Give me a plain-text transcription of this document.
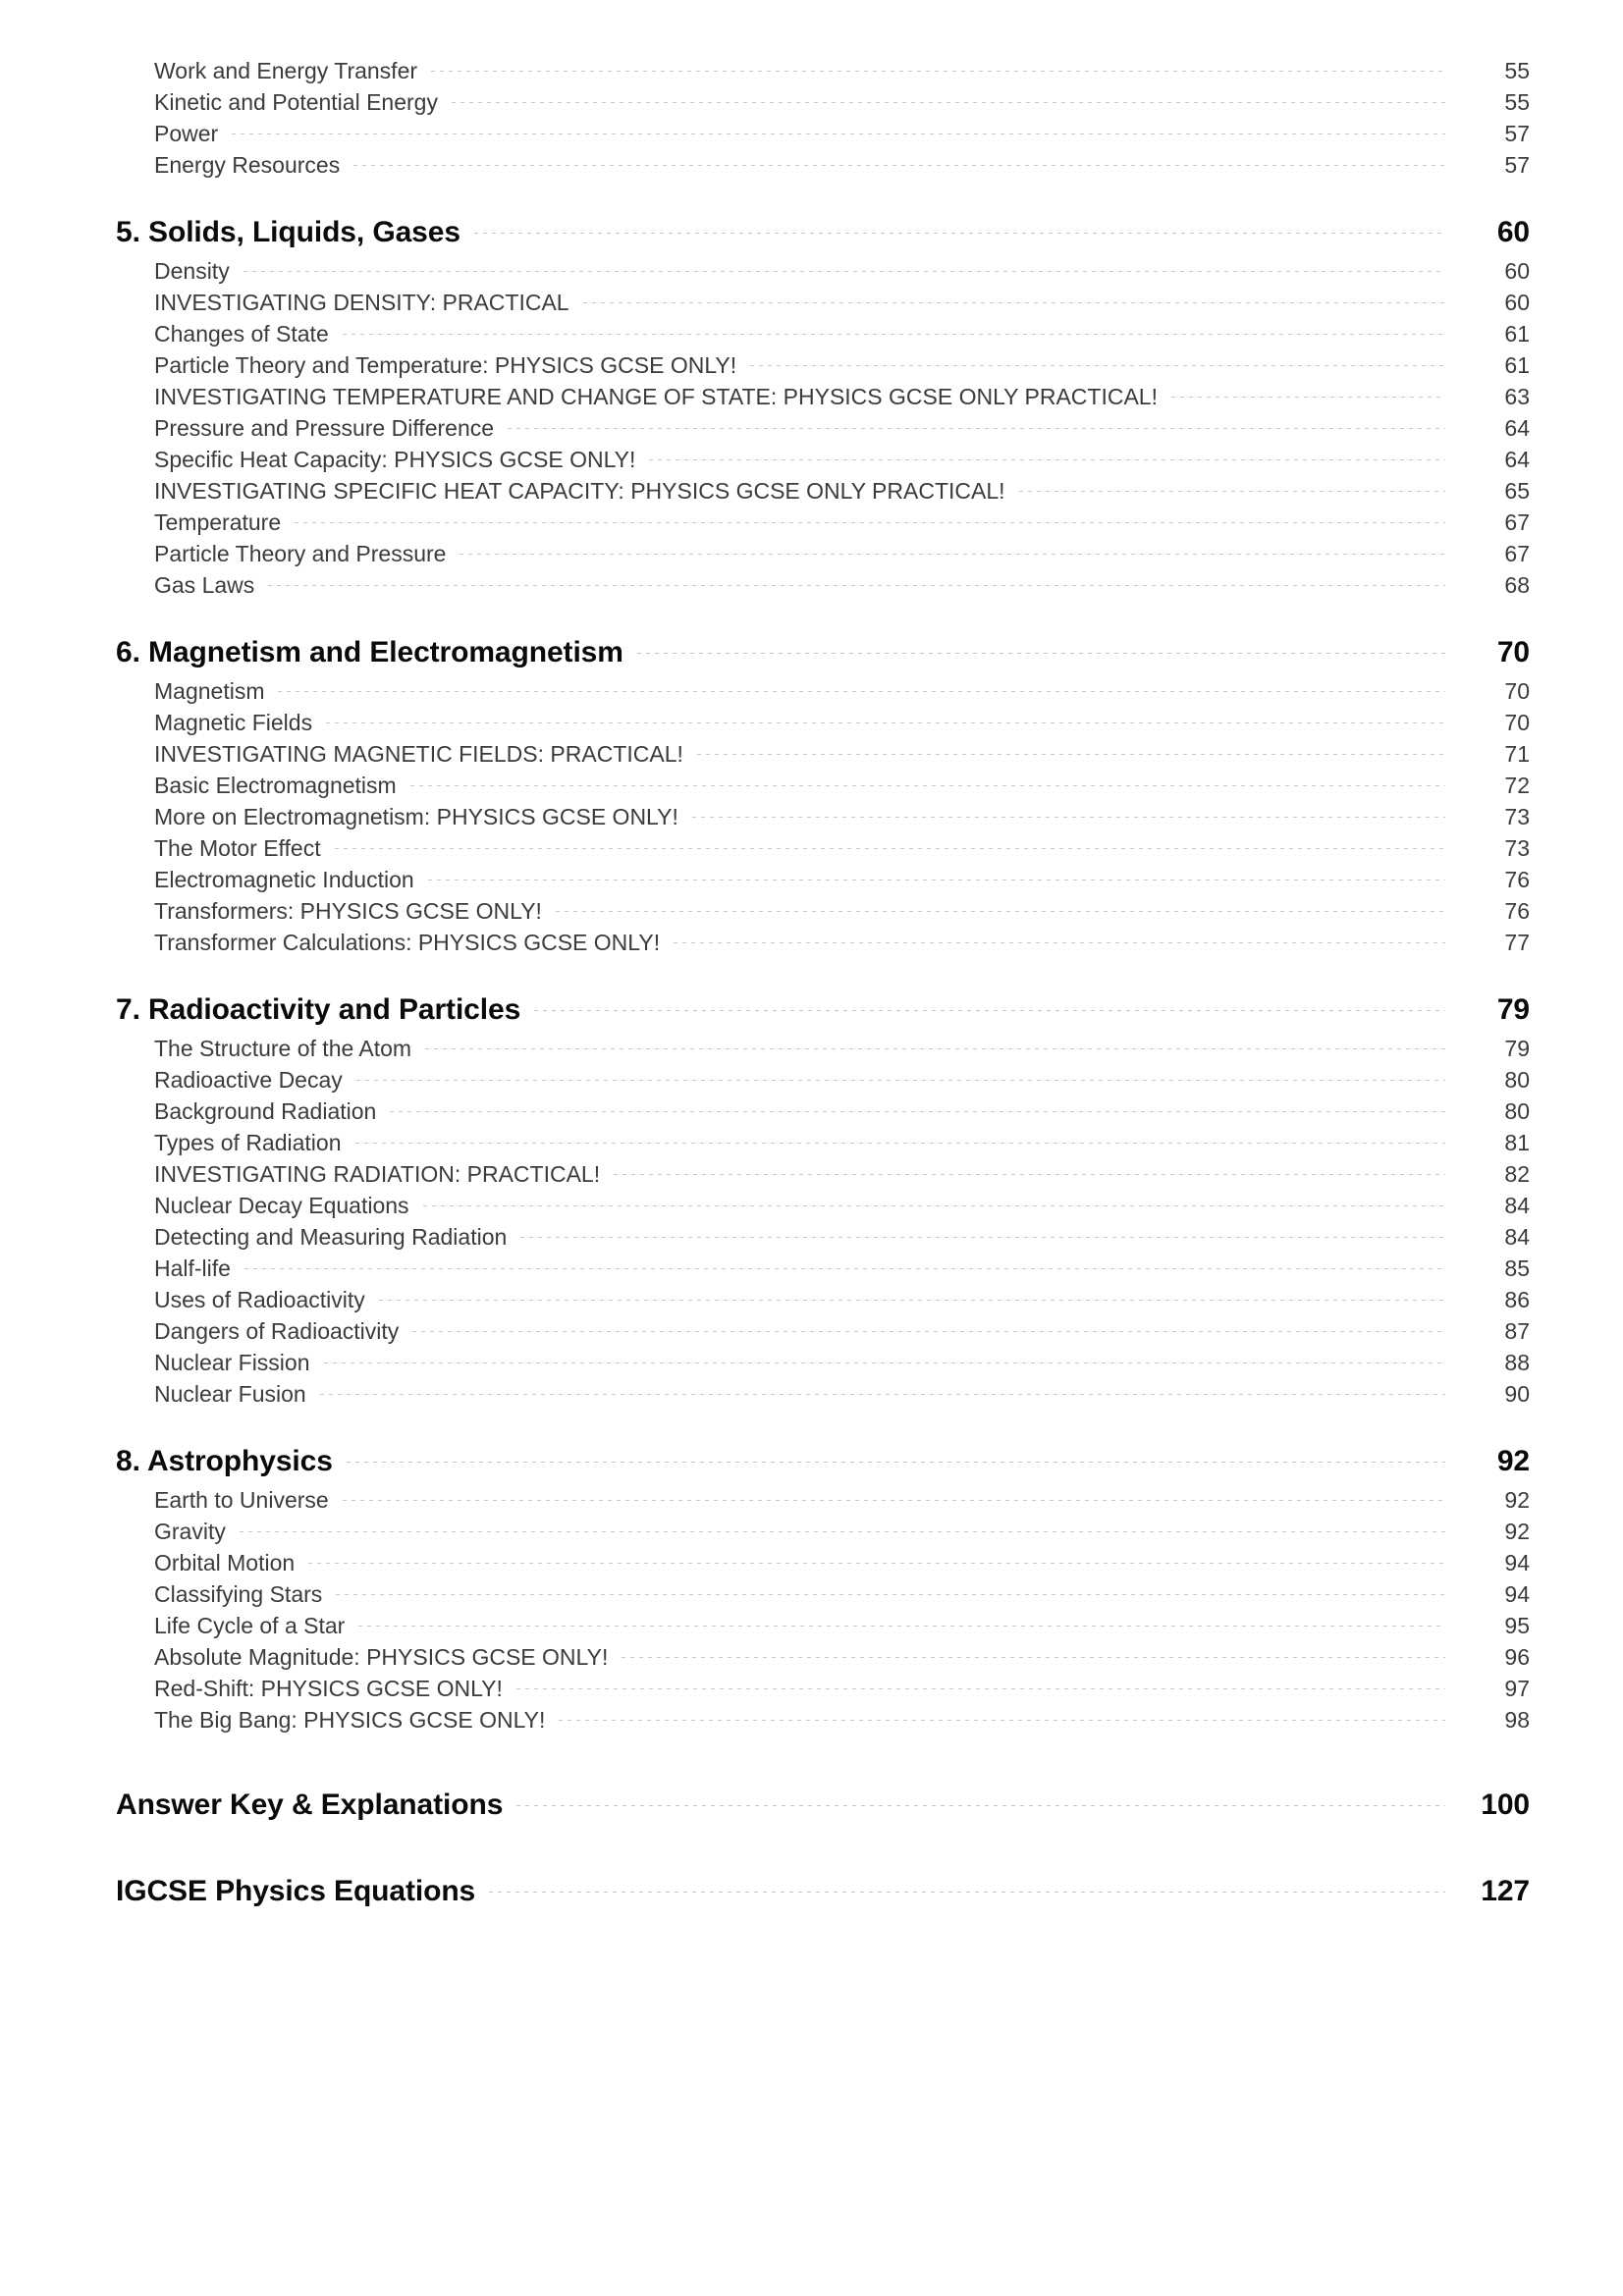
Work and Energy Transfer	55
Kinetic and Potential Energy	55
Power	57
Energy Resources	57
5. Solids, Liquids, Gases	60
Density	60
INVESTIGATING DENSITY: PRACTICAL	60
Changes of State	61
Particle Theory and Temperature: PHYSICS GCSE ONLY!	61
INVESTIGATING TEMPERATURE AND CHANGE OF STATE: PHYSICS GCSE ONLY PRACTICAL!	63
Pressure and Pressure Difference	64
Specific Heat Capacity: PHYSICS GCSE ONLY!	64
INVESTIGATING SPECIFIC HEAT CAPACITY: PHYSICS GCSE ONLY PRACTICAL!	65
Temperature	67
Particle Theory and Pressure	67
Gas Laws	68
6. Magnetism and Electromagnetism	70
Magnetism	70
Magnetic Fields	70
INVESTIGATING MAGNETIC FIELDS: PRACTICAL!	71
Basic Electromagnetism	72
More on Electromagnetism: PHYSICS GCSE ONLY!	73
The Motor Effect	73
Electromagnetic Induction	76
Transformers: PHYSICS GCSE ONLY!	76
Transformer Calculations: PHYSICS GCSE ONLY!	77
7. Radioactivity and Particles	79
The Structure of the Atom	79
Radioactive Decay	80
Background Radiation	80
Types of Radiation	81
INVESTIGATING RADIATION: PRACTICAL!	82
Nuclear Decay Equations	84
Detecting and Measuring Radiation	84
Half-life	85
Uses of Radioactivity	86
Dangers of Radioactivity	87
Nuclear Fission	88
Nuclear Fusion	90
8. Astrophysics	92
Earth to Universe	92
Gravity	92
Orbital Motion	94
Classifying Stars	94
Life Cycle of a Star	95
Absolute Magnitude: PHYSICS GCSE ONLY!	96
Red-Shift: PHYSICS GCSE ONLY!	97
The Big Bang: PHYSICS GCSE ONLY!	98
Answer Key & Explanations	100
IGCSE Physics Equations	127
